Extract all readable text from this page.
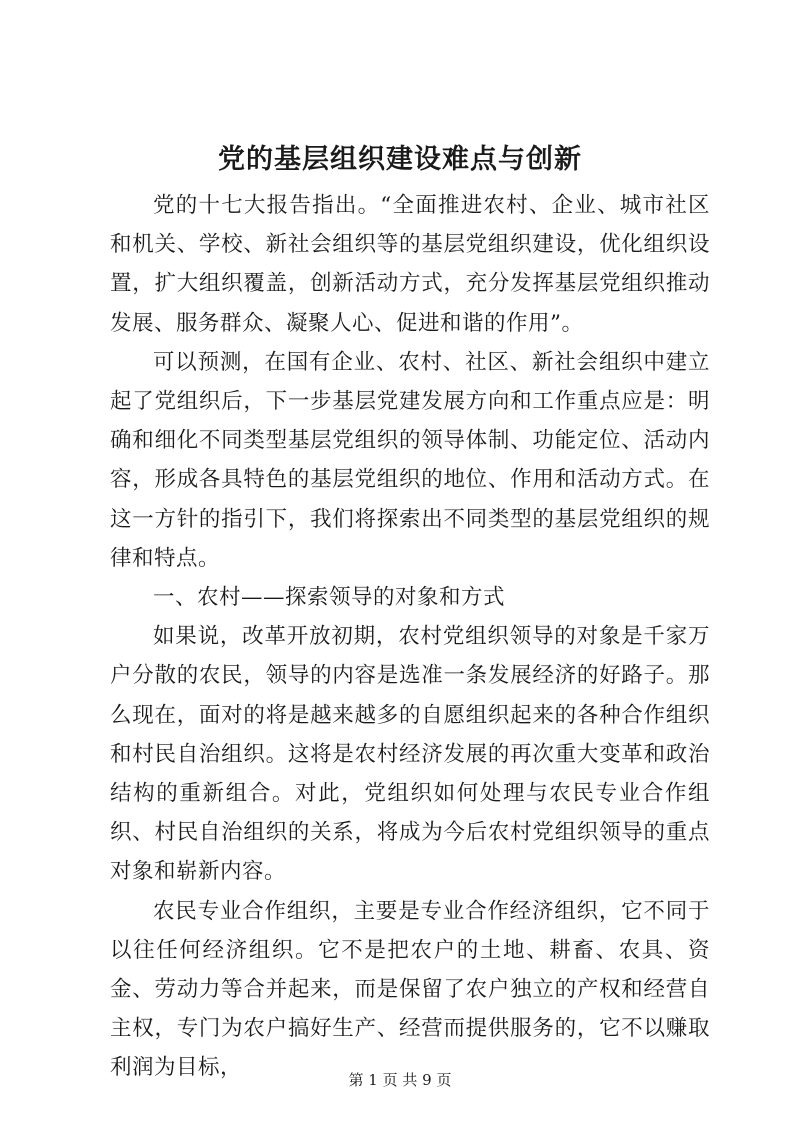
党的基层组织建设难点与创新

党的十七大报告指出。“全面推进农村、企业、城市社区和机关、学校、新社会组织等的基层党组织建设，优化组织设置，扩大组织覆盖，创新活动方式，充分发挥基层党组织推动发展、服务群众、凝聚人心、促进和谐的作用”。

可以预测，在国有企业、农村、社区、新社会组织中建立起了党组织后，下一步基层党建发展方向和工作重点应是：明确和细化不同类型基层党组织的领导体制、功能定位、活动内容，形成各具特色的基层党组织的地位、作用和活动方式。在这一方针的指引下，我们将探索出不同类型的基层党组织的规律和特点。

一、农村——探索领导的对象和方式

如果说，改革开放初期，农村党组织领导的对象是千家万户分散的农民，领导的内容是选准一条发展经济的好路子。那么现在，面对的将是越来越多的自愿组织起来的各种合作组织和村民自治组织。这将是农村经济发展的再次重大变革和政治结构的重新组合。对此，党组织如何处理与农民专业合作组织、村民自治组织的关系，将成为今后农村党组织领导的重点对象和崭新内容。

农民专业合作组织，主要是专业合作经济组织，它不同于以往任何经济组织。它不是把农户的土地、耕畜、农具、资金、劳动力等合并起来，而是保留了农户独立的产权和经营自主权，专门为农户搞好生产、经营而提供服务的，它不以赚取利润为目标，	第 1 页 共 9 页
